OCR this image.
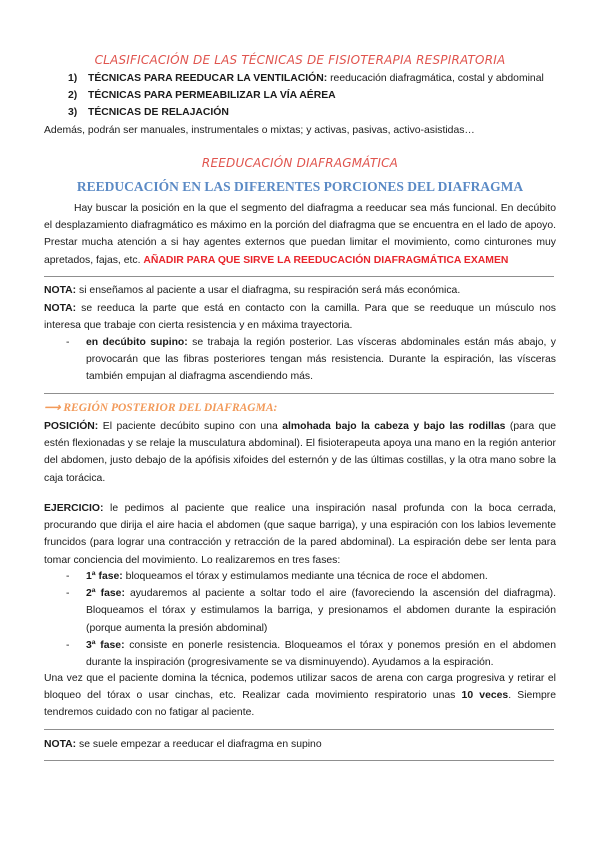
CLASIFICACIÓN DE LAS TÉCNICAS DE FISIOTERAPIA RESPIRATORIA
1) TÉCNICAS PARA REEDUCAR LA VENTILACIÓN: reeducación diafragmática, costal y abdominal
2) TÉCNICAS PARA PERMEABILIZAR LA VÍA AÉREA
3) TÉCNICAS DE RELAJACIÓN

Además, podrán ser manuales, instrumentales o mixtas; y activas, pasivas, activo-asistidas…

REEDUCACIÓN DIAFRAGMÁTICA
REEDUCACIÓN EN LAS DIFERENTES PORCIONES DEL DIAFRAGMA

Hay buscar la posición en la que el segmento del diafragma a reeducar sea más funcional. En decúbito el desplazamiento diafragmático es máximo en la porción del diafragma que se encuentra en el lado de apoyo. Prestar mucha atención a si hay agentes externos que puedan limitar el movimiento, como cinturones muy apretados, fajas, etc. AÑADIR PARA QUE SIRVE LA REEDUCACIÓN DIAFRAGMÁTICA EXAMEN

NOTA: si enseñamos al paciente a usar el diafragma, su respiración será más económica.

NOTA: se reeduca la parte que está en contacto con la camilla. Para que se reeduque un músculo nos interesa que trabaje con cierta resistencia y en máxima trayectoria.

- en decúbito supino: se trabaja la región posterior. Las vísceras abdominales están más abajo, y provocarán que las fibras posteriores tengan más resistencia. Durante la espiración, las vísceras también empujan al diafragma ascendiendo más.
⟶ REGIÓN POSTERIOR DEL DIAFRAGMA:

POSICIÓN: El paciente decúbito supino con una almohada bajo la cabeza y bajo las rodillas (para que estén flexionadas y se relaje la musculatura abdominal). El fisioterapeuta apoya una mano en la región anterior del abdomen, justo debajo de la apófisis xifoides del esternón y de las últimas costillas, y la otra mano sobre la caja torácica.

EJERCICIO: le pedimos al paciente que realice una inspiración nasal profunda con la boca cerrada, procurando que dirija el aire hacia el abdomen (que saque barriga), y una espiración con los labios levemente fruncidos (para lograr una contracción y retracción de la pared abdominal). La espiración debe ser lenta para tomar conciencia del movimiento. Lo realizaremos en tres fases:

- 1ª fase: bloqueamos el tórax y estimulamos mediante una técnica de roce el abdomen.
- 2ª fase: ayudaremos al paciente a soltar todo el aire (favoreciendo la ascensión del diafragma). Bloqueamos el tórax y estimulamos la barriga, y presionamos el abdomen durante la espiración (porque aumenta la presión abdominal)
- 3ª fase: consiste en ponerle resistencia. Bloqueamos el tórax y ponemos presión en el abdomen durante la inspiración (progresivamente se va disminuyendo). Ayudamos a la espiración.

Una vez que el paciente domina la técnica, podemos utilizar sacos de arena con carga progresiva y retirar el bloqueo del tórax o usar cinchas, etc. Realizar cada movimiento respiratorio unas 10 veces. Siempre tendremos cuidado con no fatigar al paciente.

NOTA: se suele empezar a reeducar el diafragma en supino
